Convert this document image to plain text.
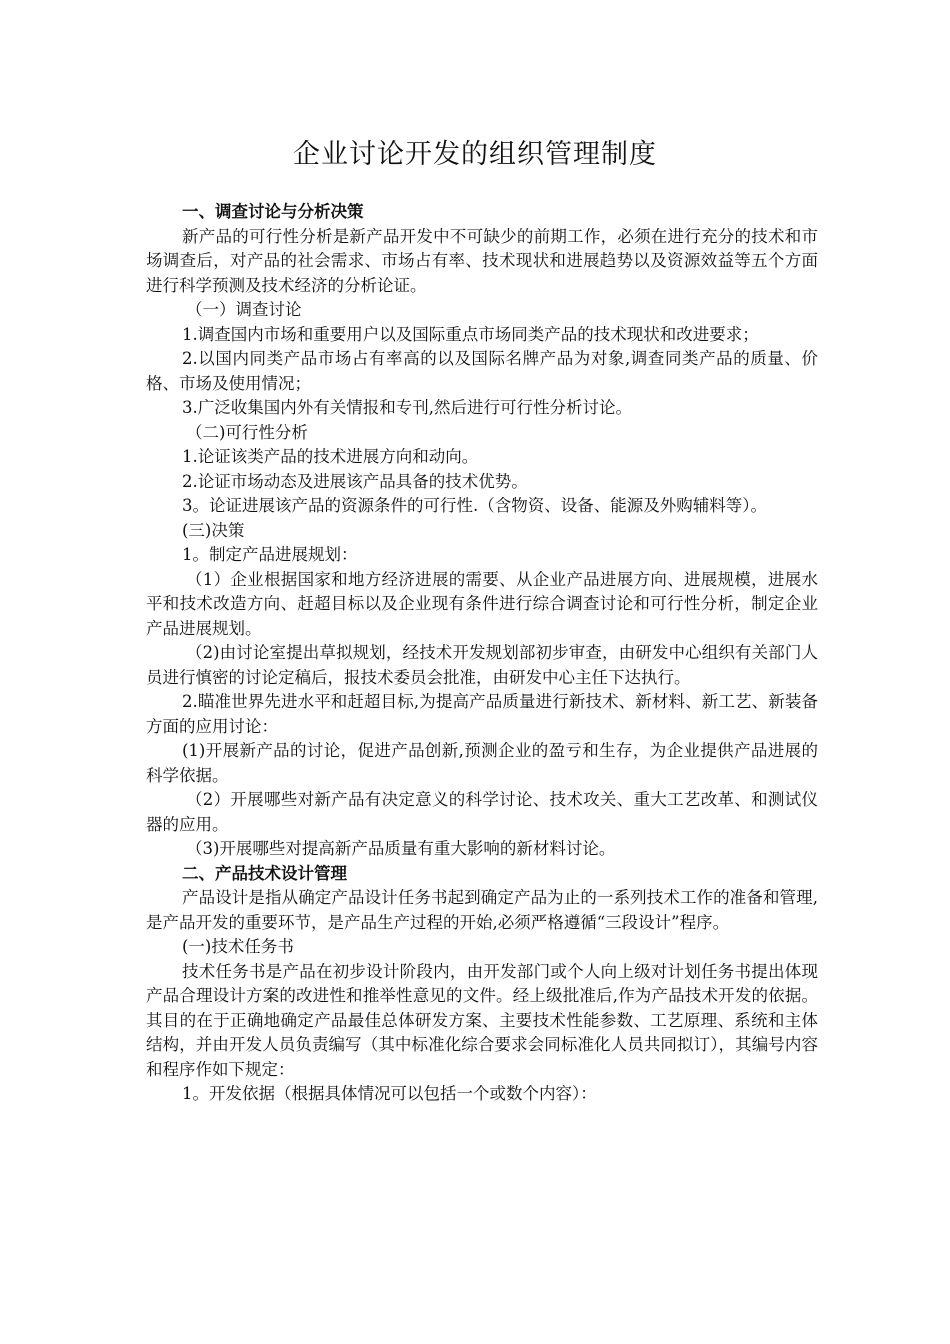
企业讨论开发的组织管理制度

一、调查讨论与分析决策

新产品的可行性分析是新产品开发中不可缺少的前期工作，必须在进行充分的技术和市场调查后，对产品的社会需求、市场占有率、技术现状和进展趋势以及资源效益等五个方面进行科学预测及技术经济的分析论证。

（一）调查讨论

1.调查国内市场和重要用户以及国际重点市场同类产品的技术现状和改进要求；

2.以国内同类产品市场占有率高的以及国际名牌产品为对象,调查同类产品的质量、价格、市场及使用情况；

3.广泛收集国内外有关情报和专刊,然后进行可行性分析讨论。

（二)可行性分析

1.论证该类产品的技术进展方向和动向。

2.论证市场动态及进展该产品具备的技术优势。

3。论证进展该产品的资源条件的可行性.（含物资、设备、能源及外购辅料等）。

(三)决策

1。制定产品进展规划：

（1）企业根据国家和地方经济进展的需要、从企业产品进展方向、进展规模，进展水平和技术改造方向、赶超目标以及企业现有条件进行综合调查讨论和可行性分析，制定企业产品进展规划。

（2)由讨论室提出草拟规划，经技术开发规划部初步审查，由研发中心组织有关部门人员进行慎密的讨论定稿后，报技术委员会批准，由研发中心主任下达执行。

2.瞄准世界先进水平和赶超目标,为提高产品质量进行新技术、新材料、新工艺、新装备方面的应用讨论：

(1)开展新产品的讨论，促进产品创新,预测企业的盈亏和生存，为企业提供产品进展的科学依据。

（2）开展哪些对新产品有决定意义的科学讨论、技术攻关、重大工艺改革、和测试仪器的应用。

（3)开展哪些对提高新产品质量有重大影响的新材料讨论。

二、产品技术设计管理

产品设计是指从确定产品设计任务书起到确定产品为止的一系列技术工作的准备和管理,是产品开发的重要环节，是产品生产过程的开始,必须严格遵循“三段设计”程序。

(一)技术任务书

技术任务书是产品在初步设计阶段内，由开发部门或个人向上级对计划任务书提出体现产品合理设计方案的改进性和推举性意见的文件。经上级批准后,作为产品技术开发的依据。其目的在于正确地确定产品最佳总体研发方案、主要技术性能参数、工艺原理、系统和主体结构，并由开发人员负责编写（其中标准化综合要求会同标准化人员共同拟订），其编号内容和程序作如下规定：

1。开发依据（根据具体情况可以包括一个或数个内容）：
